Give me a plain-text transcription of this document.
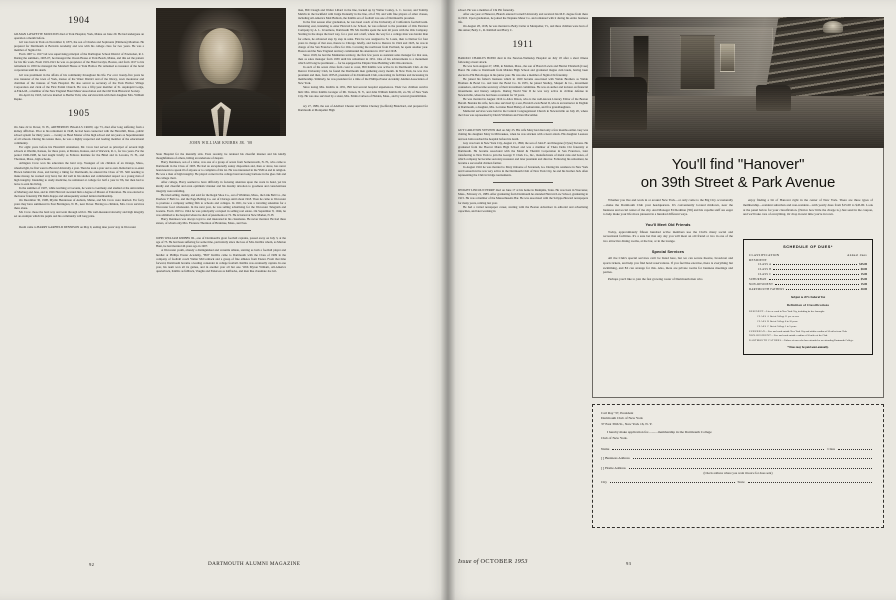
1904

GILMAN LaFAYETTE MOULTON died at York Hospital, York, Maine on June 29. He had undergone an operation a month before.

Gil was born in York on November 9, 1875, the son of Charles and Sophronia (Emmons) Moulton. He prepared for Dartmouth at Berwick Academy and was with his college class for two years. He was a member of Sigma Chi.

From 1907 to 1917 Gil was supervising principal of the Darlington School District of Pawtucket, R. I. During the summers, 1905-07, he managed the Ocean House at York Beach, Maine, and this set the pattern for his life work. From 1919-1921 he was co-proprietor of the Hotel Gralyn, Boston, and from 1917 to his retirement in 1950 he managed the Marshall House at York Harbor. He remained as treasurer of the hotel corporation until his death.

Gil was prominent in the affairs of his community throughout his life. For over twenty-five years he was treasurer of the town of York, trustee of the Water District and of the library, town moderator and chairman of the trustees of York Hospital. He also served as secretary of the York Harbor Village Corporation and clerk of the First Parish Church. He was a fifty-year member of St. Aspinquid Lodge, A.F.&A.M., a member of the New England Hotel Mens' Association and the Old York Historical Society.

On April 24, 1918, Gil was married to Bertha Tidd, who survives him with their daughter Mrs. William Repke.

1905

On June 22 in Dover, N. H., ARTHERTON INGALLS CROW, age 73, died after long suffering from a kidney affliction. Prior to his retirement in 1948, he had been connected with the Haverhill, Mass., public school system for thirty years — twenty as Head Master of the high school and ten years as Superintendent of all schools. During his tenure there, he was a highly respected and leading member of the educational community.

For eight years before his Haverhill attainment, Mr. Crow had served as principal of several high schools at Oberlin, Kansas, for three years, at Marion, Kansas, and at Warwick, R. I., for two years. For the period 1906-1908, he had taught briefly as Fellows Institute for the Blind and in Laconia, N. H., and Thornton, Mass., high schools.

Arlington Crow won his education the hard way. Youngest of six children of an Orange, Mass., wheelwright, he first went to Brown University a year. Then he took a year out to earn. Reluctant to re-enter Brown behind his class, and having a liking for Dartmouth, he entered the Class of '05. Still needing to make money, he worked very hard, but did well in his studies and commanded respect as a young man of high integrity. Intending to study medicine, he remained at college for half a year in '06, but then had to leave to earn his living.

In the summer of 1907, while teaching at Laconia, he went to Germany and studied at the universities of Marburg and Jena, and in 1926 Harvard awarded him a degree of Master of Education. He was elected to the honor fraternity Phi Delta Kappa and subsequently earned tuition membership.

On December 30, 1908, Myrtle Henderson of Auburn, Maine, and Mr. Crow were married. For forty years they have summered in East Barrington, N. H., near Dover. Having no children, Mrs. Crow survives there alone.

Mr. Crow chose the hard way and went through with it. His well-measured sincerity and high integrity set an example which his pupils and his community will long prize.

Death came to HARRY GARFIELD DENNISON on May 9, ending nine years' stay in Worcester

JOHN WILLIAM KNIBBS JR. '08

State Hospital for the mentally sick. Even recently, he retained his cheerful manner and his kindly thoughtfulness of others, hiding an undertone of despair.

Harry Dennison, son of a tailor, was one of a group of seven from Somersworth, N. H., who came to Dartmouth in the Class of 1905. He had an exceptionally sunny disposition and, then or since, has never been known to speak ill of anyone or to complain of his lot. He was interested in the YMCA and in religion. He was a man of high integrity. He played cornet in the college band and sang baritone in the glee club and the college choir.

After college, Harry seemed to have difficulty in focusing attention upon the work in hand, yet his kindly and cheerful and even optimistic manner and his dreamy devotion to goodness and conscientious integrity were unfailing.

He tried selling, mainly, and sold for the Regal Shoe Co., out of Whitman, Mass., the Link Belt Co., the Peerless V Belt Co. and the Page Belting Co. out of Chicago until about 1918. Then he came to Worcester to promote a company selling film to schools and colleges. In 1921, he was a traveling salesman for a Worcester food wholesaler. In the next year, he was selling advertising for the Worcester Telegram and Gazette. From 1923 to 1944 he was principally occupied in selling real estate. On September 8, 1944, he was admitted to the hospital where he died of pneumonia at 72. He is buried at New Market, N. H.

Harry Dennison was always loyal to and interested in his classmates. He never married. He had three sisters, of whom only Mrs. Florence Thornton of Braintree, Mass., survives.

JOHN WILLIAM KNIBBS JR., one of Dartmouth's great football captains, passed away on July 3, at the age of 73. He had been suffering for some time, particularly since the loss of Mrs. Knibbs whom, as Marion Hunt, he had married 46 years ago in 1907.

A Worcester youth, already a distinguished and versatile athlete, starring as both a football player and hurdler at Phillips Exeter Academy, "Bill" Knibbs came to Dartmouth with the Class of 1909 in the company of football coach Walter McCormack and a group of fine athletes from Exeter. From that time forward, Dartmouth became a leading contender in college football. Knibbs was eventually captain. In one year, his team won all its games, and in another year all but one. With Myron Witham, All-America quarterback, Knibbs as fullback, Vaughn and Patterson as halfbacks, and men like classmate Joe Gil-

man, Bill Clough and Walter Lillard in the line, backed up by Walter Conley, L. C. Grover, and Tommy Melvin in the backfield with Judge Donnelly in the line, all of '09, and with fine players of other classes, including All-America Matt Bullock, the Knibbs era of football was one of Dartmouth's proudest.

In the first season after graduation, he was head coach of the University of California's football team. Returning east, intending to enter Harvard Law School, he was referred to the president of Otis Elevator Company by A. L. Livermore, Dartmouth '88. Mr. Knibbs spent the next 46 years with the Otis Company. Starting in the shops the hard way, for a year and a half, where the way for a college man was harder than for others, he advanced step by step in sales. First he was assigned to St. Louis, then to Denver for four years in charge of that area, thence to Chicago briefly, and back to Denver. In 1924 and 1925, he was in charge of the San Francisco office for Otis. Covering the northwest from Portland, he spent another year. Boston and the New England territory commanded his attention in 1917 and 1918.

Since 1918, he had the Manhattan territory, the first few years as assistant sales manager for that area, then as sales manager from 1939 until his retirement in 1951. One of his achievements is a monument which will long be prominent — for he equipped the Empire State Building with Otis elevators.

In each of his seven cities from coast to coast, Bill Knibbs was active in its Dartmouth Club. At the Denver University Club, he found the Dartmouth men gathering every month. In New York, he was vice president and then, from 1935-8, president of its Dartmouth Club, renovating its facilities and increasing its membership. Similarly, he was president for a time of the Phillips-Exeter Academy Alumni Association of New York.

Since losing Mrs. Knibbs in 1951, Bill had several hospital experiences. Their two children survive him: Mrs. Olive Knibbs Granger of Mt. Vernon, N. Y., and John William Knibbs III, ex-'39, of New York City. He was also survived by a sister, Mrs. Emma Carlson of Holden, Mass., and by several grandchildren.

ary 27, 1886, the son of Adelbert Chester and Velma Cherney (Gefferds) Blanchard, and prepared for Dartmouth at Montpelier High

92	DARTMOUTH ALUMNI MAGAZINE

school. He was a member of Chi Phi fraternity.

After one year at Hanover, Blanch entered Cornell University and received his M.E. degree from there in 1910. Upon graduation, he joined the Neptune Meter Co. and remained with it during his entire business life.

On August 28, 1918, he was married to Betty Cutler at Montpelier, Vt., and three children were born of this union; Betty C., R. Kimball and Harry C.

1911

HAROLD CHARLES BOND died in the Newton-Wellesley Hospital on July 18 after a short illness following a heart attack.

He was born August 27, 1890, in Malden, Mass., the son of Harold Lewis and Harriet Elizabeth (Case) Bond. He came to Dartmouth from Malden High School and graduated magna cum laude, having been elected to Phi Beta Kappa in his junior year. He was also a member of Sigma Chi fraternity.

He joined his father's business which in 1920 became associated with Waldo Brothers as Waldo Brothers & Bond Co. and later the Bond Co. In 1935, he joined Studley, Shupert & Co., investment counselors, and became secretary of their investment committee. He was an author and lecturer on financial investments and literary subjects. During World War II he was very active in civilian defense in Newtonville, where he had been a resident for 33 years.

He was married in August 1916 to Alice Dixon, who is the well-known Literary Editor of the Boston Herald. Besides his wife, he is also survived by a son, Harold Lewis Bond II, who is an instructor in English at Dartmouth, a daughter, Mrs. Lorraine Bond Bailey of Auburndale, and five granddaughters.

Memorial services were held in the Central Congregational Church in Newtonville on July 20, where the Class was represented by Dutch Whitman and Stan Macomber.

GUY CARLETON STEVENS died on July 25. His wife Mary had died only a few months earlier. Guy was visiting his daughter Mary in Milwaukee, when he was stricken with a heart attack. His daughter Leonore and son John reached the hospital before his death.

Guy was born in New York City, August 21, 1890, the son of John F. and Imogene (Clyne) Stevens. He graduated from the Hoover Mann High School and was a member of Theta Delta Chi fraternity at Dartmouth. He became associated with the Metal & Thermit Corporation in San Francisco, later transferring to New York to join the George V. Clark Co., Inc., manufacturers of metal cans and boxes, of which company he became secretary-treasurer and later president and director. Following his retirement, he became a successful chicken farmer.

In August 1916 he was married to Mary Osborne of Savannah, Ga. During his residence in New York and Connecticut he was very active in the Dartmouth Club of New York City, he and his brother Jack often representing the Club in bridge tournaments.

DWIGHT LINCOLN PERRY died on June 17 at his home in Memphis, Tenn. He was born in Worcester, Mass., February 21, 1889. After graduating from Dartmouth he attended Harvard Law School, graduating in 1915. He was a member of the Massachusetts Bar. He was associated with the Scripps-Howard newspapers for many years, retiring last year.

He had a varied newspaper career, starting with the Boston Advertiser in editorial and advertising capacities, and later working in

You'll find "Hanover"
on 39th Street & Park Avenue

Whether you live and work in or around New York—or only come to the Big City occasionally—make the Dartmouth Club your headquarters. It's conveniently located midtown, near the business and social center of the city. And Manager Ed Redman ('06) and his capable staff are eager to help make your life more pleasant in a hundred different ways.

You'll Meet Old Friends

Today, approximately fifteen hundred active members use the Club's many social and recreational facilities. It's a sure bet that any day you will meet an old friend or two in one of the two attractive dining rooms, at the bar, or in the lounge.

Special Services

All the Club's special services can't be listed here, but we can secure theatre, broadcast and sports tickets, and help you find hotel reservations. If you feel like exercise, there is everything but swimming, and Ed can arrange for this. Also, there are private rooms for business meetings and parties.

Perhaps you'd like to join the fast growing roster of Dartmouth men who

enjoy finding a bit of Hanover right in the center of New York. There are three types of membership—resident suburban and non-resident—with yearly dues from $15.00 to $45.00. Look at the panel below for your classification. (Notice how little the charge is.) Just send in the coupon, and we'll take care of everything. Or drop in next time you're in town.

SCHEDULE OF DUES*
CLASSIFICATION	Annual dues
RESIDENT
CLASS A	$45.00
CLASS B	$0.00
CLASS C	15.00
SUBURBAN	$5.00
NON-RESIDENT	15.00
DARTMOUTH FATHERS	40.00
Subject to 20% Federal Tax
Definition of Classifications
RESIDENT—Live or work in New York City, including its five boroughs.
CLASS A Out of College 11 yrs. or over
CLASS B Out of College 6 to 10 years
CLASS C Out of College 1 to 5 years
SUBURBAN—Live and work outside New York City and within a radius of 50 miles from Club.
NON-RESIDENT—Live and work outside a radius of 50 miles of the Club.
DARTMOUTH FATHERS—Fathers of men who have attended or are attending Dartmouth College.
* Dues may be paid semi-annually.
Carl Ray '37, President
Dartmouth Club of New York
37 East 39th St., New York 16, N. Y.
I hereby make application for...........membership in the Dartmouth College
Club of New York.
Name	Class
[ ] Business Address
[ ] Home Address
(Check address where you want invoice for dues sent)
City	State
93
Issue of OCTOBER 1953
